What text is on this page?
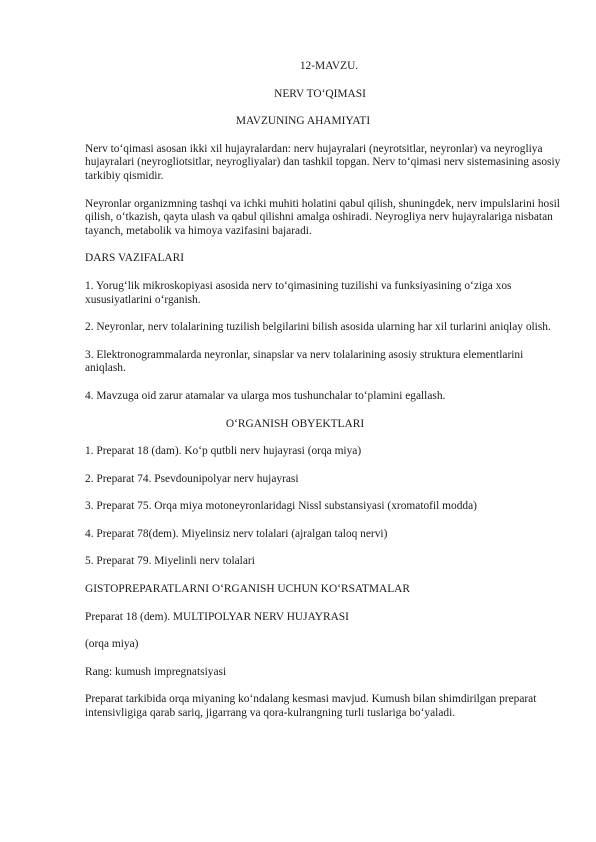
12-MAVZU.
NERV TO‘QIMASI
MAVZUNING AHAMIYATI

Nerv to‘qimasi asosan ikki xil hujayralardan: nerv hujayralari (neyrotsitlar, neyronlar) va neyrogliya hujayralari (neyrogliotsitlar, neyrogliyalar) dan tashkil topgan. Nerv to‘qimasi nerv sistemasining asosiy tarkibiy qismidir.

Neyronlar organizmning tashqi va ichki muhiti holatini qabul qilish, shuningdek, nerv impulslarini hosil qilish, o‘tkazish, qayta ulash va qabul qilishni amalga oshiradi. Neyrogliya nerv hujayralariga nisbatan tayanch, metabolik va himoya vazifasini bajaradi.

DARS VAZIFALARI

1. Yorug‘lik mikroskopiyasi asosida nerv to‘qimasining tuzilishi va funksiyasining o‘ziga xos xususiyatlarini o‘rganish.

2. Neyronlar, nerv tolalarining tuzilish belgilarini bilish asosida ularning har xil turlarini aniqlay olish.

3. Elektronogrammalarda neyronlar, sinapslar va nerv tolalarining asosiy struktura elementlarini aniqlash.

4. Mavzuga oid zarur atamalar va ularga mos tushunchalar to‘plamini egallash.

O‘RGANISH OBYEKTLARI

1. Preparat 18 (dam). Ko‘p qutbli nerv hujayrasi (orqa miya)

2. Preparat 74. Psevdounipolyar nerv hujayrasi

3. Preparat 75. Orqa miya motoneyronlaridagi Nissl substansiyasi (xromatofil modda)

4. Preparat 78(dem). Miyelinsiz nerv tolalari (ajralgan taloq nervi)

5. Preparat 79. Miyelinli nerv tolalari

GISTOPREPARATLARNI O‘RGANISH UCHUN KO‘RSATMALAR

Preparat 18 (dem). MULTIPOLYAR NERV HUJAYRASI

(orqa miya)

Rang: kumush impregnatsiyasi

Preparat tarkibida orqa miyaning ko‘ndalang kesmasi mavjud. Kumush bilan shimdirilgan preparat intensivligiga qarab sariq, jigarrang va qora-kulrangning turli tuslariga bo‘yaladi.
